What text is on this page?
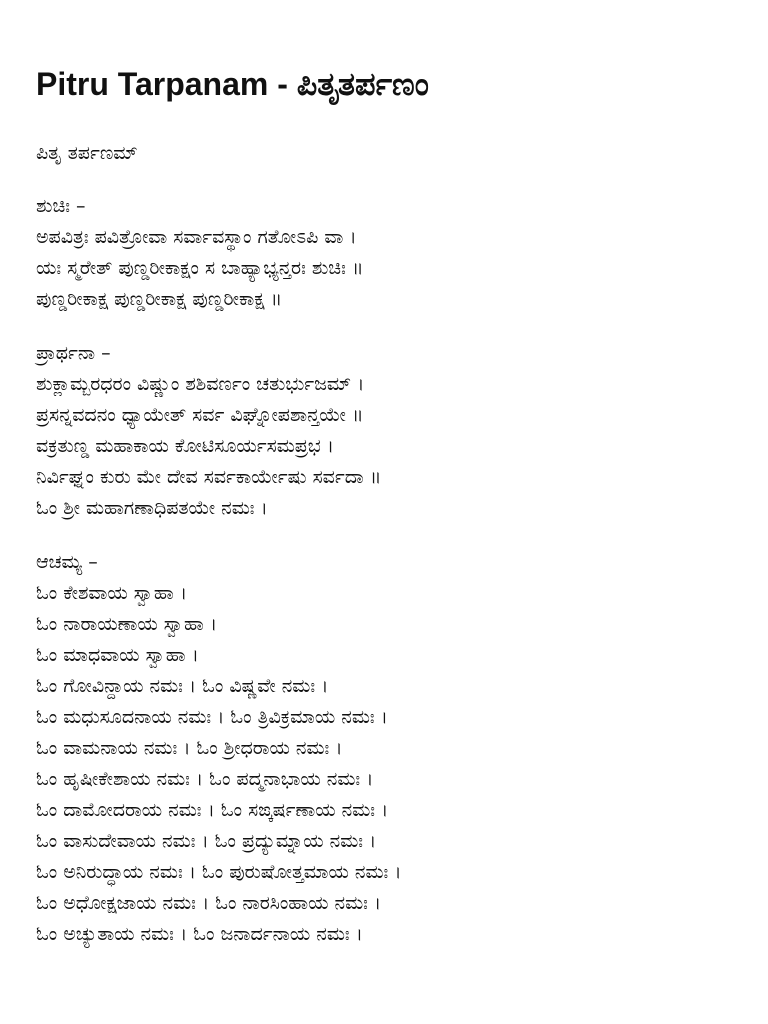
Pitru Tarpanam - ಪಿತೃತರ್ಪಣಂ

ಪಿತೃ ತರ್ಪಣಮ್

ಶುಚಿಃ –

ಅಪವಿತ್ರಃ ಪವಿತ್ರೋವಾ ಸರ್ವಾವಸ್ಥಾಂ ಗತೋಽಪಿ ವಾ ।

ಯಃ ಸ್ಮರೇತ್ ಪುಣ್ಡರೀಕಾಕ್ಷಂ ಸ ಬಾಹ್ಯಾಭ್ಯನ್ತರಃ ಶುಚಿಃ ॥

ಪುಣ್ಡರೀಕಾಕ್ಷ ಪುಣ್ಡರೀಕಾಕ್ಷ ಪುಣ್ಡರೀಕಾಕ್ಷ ॥

ಪ್ರಾರ್ಥನಾ –

ಶುಕ್ಲಾಮ್ಬರಧರಂ ವಿಷ್ಣುಂ ಶಶಿವರ್ಣಂ ಚತುರ್ಭುಜಮ್ ।

ಪ್ರಸನ್ನವದನಂ ಧ್ಯಾಯೇತ್ ಸರ್ವ ವಿಘ್ನೋಪಶಾನ್ತಯೇ ॥

ವಕ್ರತುಣ್ಡ ಮಹಾಕಾಯ ಕೋಟಿಸೂರ್ಯಸಮಪ್ರಭ ।

ನಿರ್ವಿಘ್ನಂ ಕುರು ಮೇ ದೇವ ಸರ್ವಕಾರ್ಯೇಷು ಸರ್ವದಾ ॥

ಓಂ ಶ್ರೀ ಮಹಾಗಣಾಧಿಪತಯೇ ನಮಃ ।

ಆಚಮ್ಯ –

ಓಂ ಕೇಶವಾಯ ಸ್ವಾಹಾ ।

ಓಂ ನಾರಾಯಣಾಯ ಸ್ವಾಹಾ ।

ಓಂ ಮಾಧವಾಯ ಸ್ವಾಹಾ ।

ಓಂ ಗೋವಿನ್ದಾಯ ನಮಃ । ಓಂ ವಿಷ್ಣವೇ ನಮಃ ।

ಓಂ ಮಧುಸೂದನಾಯ ನಮಃ । ಓಂ ತ್ರಿವಿಕ್ರಮಾಯ ನಮಃ ।

ಓಂ ವಾಮನಾಯ ನಮಃ । ಓಂ ಶ್ರೀಧರಾಯ ನಮಃ ।

ಓಂ ಹೃಷೀಕೇಶಾಯ ನಮಃ । ಓಂ ಪದ್ಮನಾಭಾಯ ನಮಃ ।

ಓಂ ದಾಮೋದರಾಯ ನಮಃ । ಓಂ ಸಙ್ಕರ್ಷಣಾಯ ನಮಃ ।

ಓಂ ವಾಸುದೇವಾಯ ನಮಃ । ಓಂ ಪ್ರದ್ಯುಮ್ನಾಯ ನಮಃ ।

ಓಂ ಅನಿರುದ್ಧಾಯ ನಮಃ । ಓಂ ಪುರುಷೋತ್ತಮಾಯ ನಮಃ ।

ಓಂ ಅಧೋಕ್ಷಜಾಯ ನಮಃ । ಓಂ ನಾರಸಿಂಹಾಯ ನಮಃ ।

ಓಂ ಅಚ್ಯುತಾಯ ನಮಃ । ಓಂ ಜನಾರ್ದನಾಯ ನಮಃ ।
